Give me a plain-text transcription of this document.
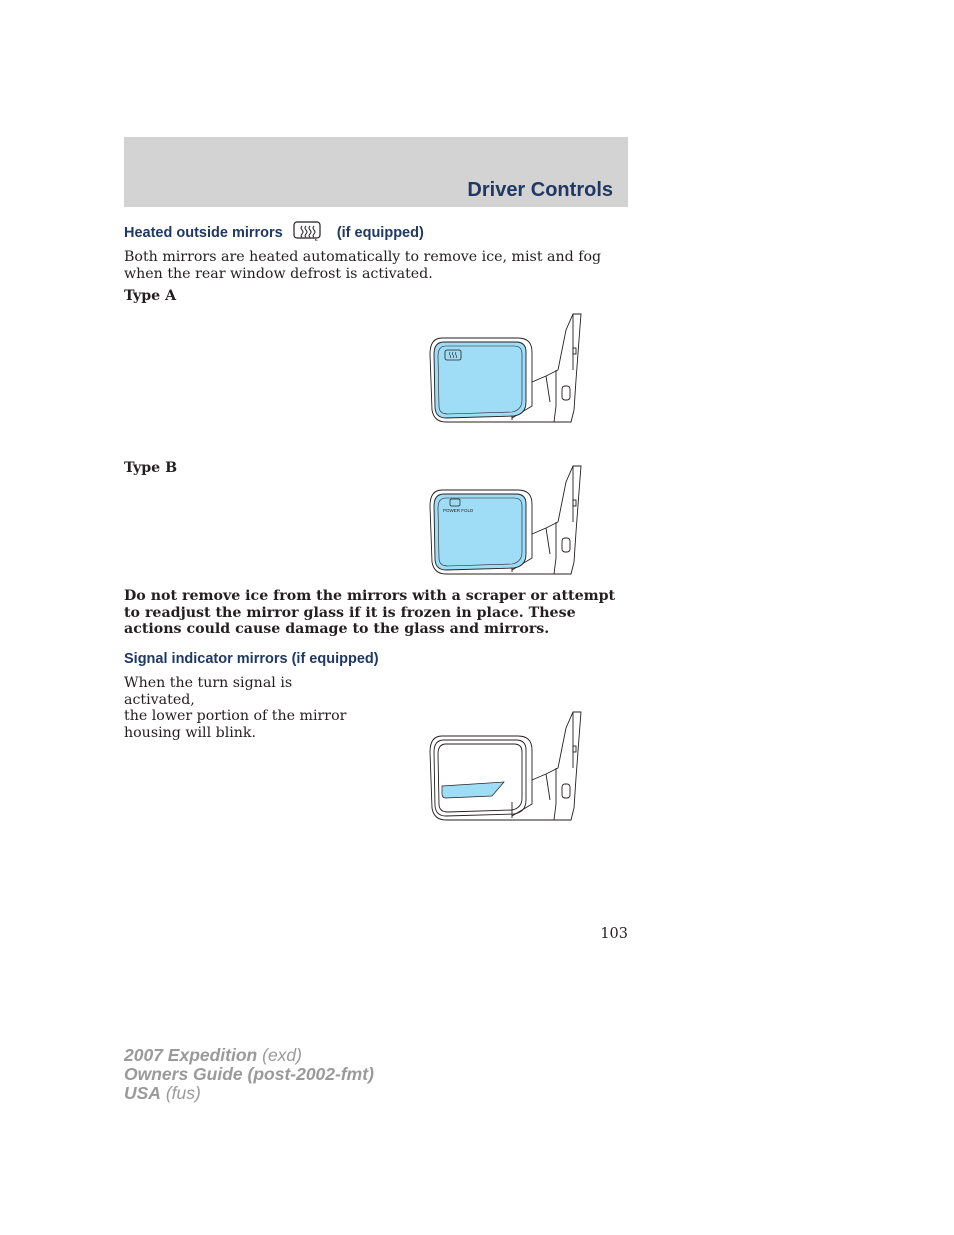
Driver Controls
Heated outside mirrors	(if equipped)
Both mirrors are heated automatically to remove ice, mist and fog when the rear window defrost is activated.
Type A
Type B
POWER FOLD
Do not remove ice from the mirrors with a scraper or attempt to readjust the mirror glass if it is frozen in place. These actions could cause damage to the glass and mirrors.
Signal indicator mirrors (if equipped)
When the turn signal is activated,
the lower portion of the mirror
housing will blink.
103
2007 Expedition (exd)
Owners Guide (post-2002-fmt)
USA (fus)
